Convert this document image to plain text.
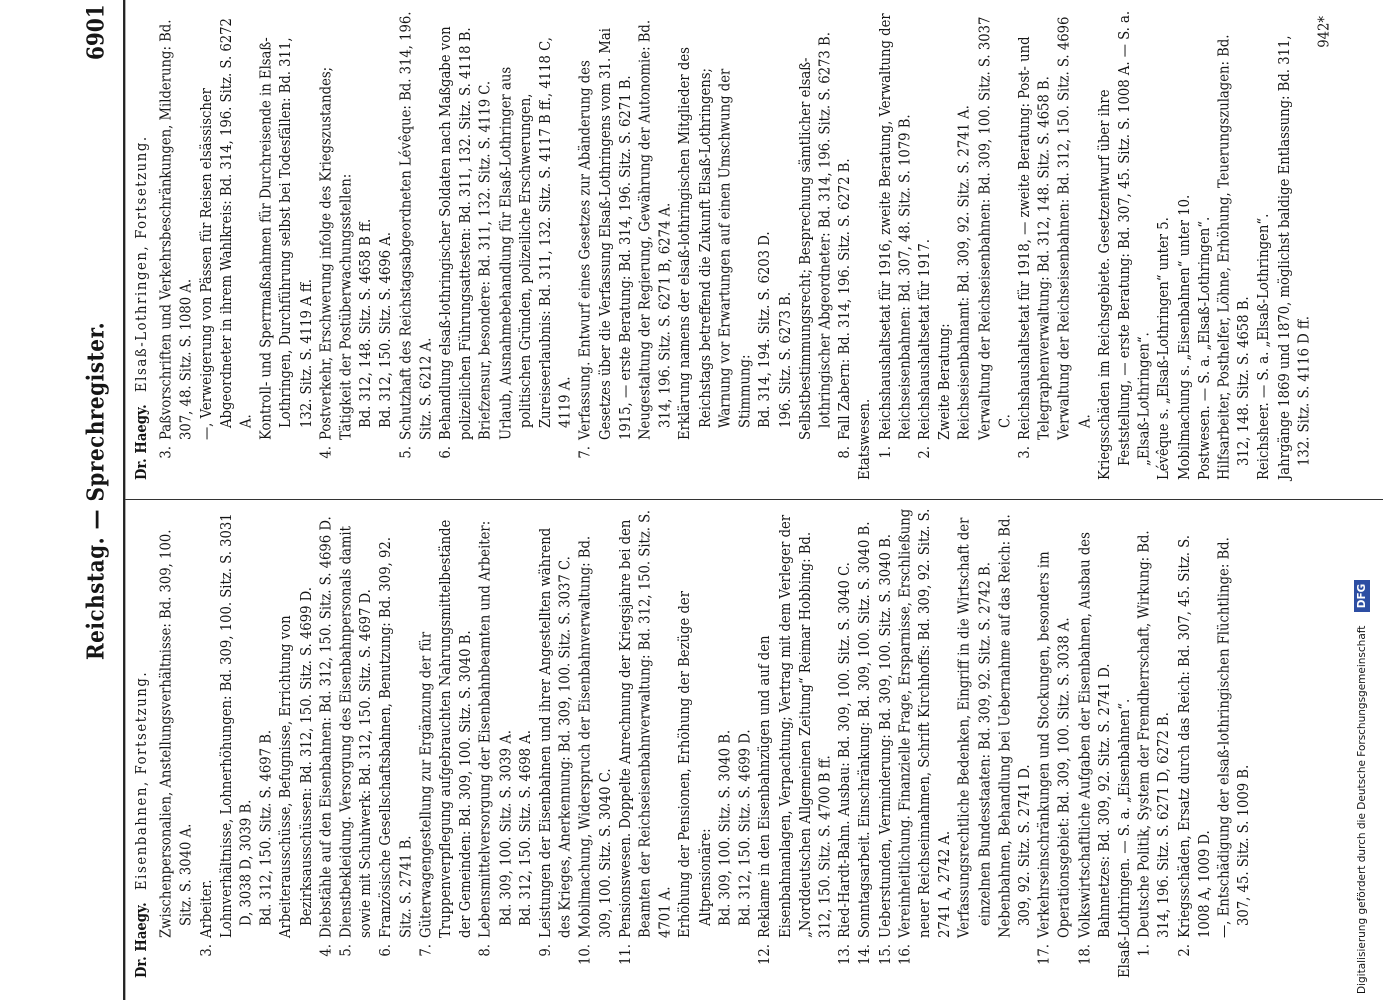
Reichstag. — Sprechregister.
6901
Dr. Haegy. Eisenbahnen, Fortsetzung. Zwischenpersonalien, Anstellungsverhältnisse: Bd. 309, 100. Sitz. S. 3040 A.
3.
Arbeiter. Lohnverhältnisse, Lohnerhöhungen: Bd. 309, 100. Sitz. S. 3031 D, 3038 D, 3039 B. Bd. 312, 150. Sitz. S. 4697 B. Arbeiterausschüsse, Befugnisse, Errichtung von Bezirksausschüssen: Bd. 312, 150. Sitz. S. 4699 D.
4.
Diebstähle auf den Eisenbahnen: Bd. 312, 150. Sitz. S. 4696 D.
5.
Dienstbekleidung. Versorgung des Eisenbahnpersonals damit sowie mit Schuhwerk: Bd. 312, 150. Sitz. S. 4697 D.
6.
Französische Gesellschaftsbahnen, Benutzung: Bd. 309, 92. Sitz. S. 2741 B.
7.
Güterwagengestellung zur Ergänzung der für Truppenverpflegung aufgebrauchten Nahrungsmittelbestände der Gemeinden: Bd. 309, 100. Sitz. S. 3040 B.
8.
Lebensmittelversorgung der Eisenbahnbeamten und Arbeiter: Bd. 309, 100. Sitz. S. 3039 A. Bd. 312, 150. Sitz. S. 4698 A.
9.
Leistungen der Eisenbahnen und ihrer Angestellten während des Krieges, Anerkennung: Bd. 309, 100. Sitz. S. 3037 C.
10.
Mobilmachung, Widerspruch der Eisenbahnverwaltung: Bd. 309, 100. Sitz. S. 3040 C.
11.
Pensionswesen. Doppelte Anrechnung der Kriegsjahre bei den Beamten der Reichseisenbahnverwaltung: Bd. 312, 150. Sitz. S. 4701 A. Erhöhung der Pensionen, Erhöhung der Bezüge der Altpensionäre: Bd. 309, 100. Sitz. S. 3040 B. Bd. 312, 150. Sitz. S. 4699 D.
12.
Reklame in den Eisenbahnzügen und auf den Eisenbahnanlagen, Verpachtung; Vertrag mit dem Verleger der „Norddeutschen Allgemeinen Zeitung“ Reimar Hobbing: Bd. 312, 150. Sitz. S. 4700 B ff.
13.
Ried-Hardt-Bahn. Ausbau: Bd. 309, 100. Sitz. S. 3040 C.
14.
Sonntagsarbeit. Einschränkung: Bd. 309, 100. Sitz. S. 3040 B.
15.
Ueberstunden, Verminderung: Bd. 309, 100. Sitz. S. 3040 B.
16.
Vereinheitlichung. Finanzielle Frage, Ersparnisse, Erschließung neuer Reichseinnahmen, Schrift Kirchhoffs: Bd. 309, 92. Sitz. S. 2741 A, 2742 A. Verfassungsrechtliche Bedenken, Eingriff in die Wirtschaft der einzelnen Bundesstaaten: Bd. 309, 92. Sitz. S. 2742 B. Nebenbahnen, Behandlung bei Uebernahme auf das Reich: Bd. 309, 92. Sitz. S. 2741 D.
17.
Verkehrseinschränkungen und Stockungen, besonders im Operationsgebiet: Bd. 309, 100. Sitz. S. 3038 A.
18.
Volkswirtschaftliche Aufgaben der Eisenbahnen, Ausbau des Bahnnetzes: Bd. 309, 92. Sitz. S. 2741 D. Elsaß-Lothringen. — S. a. „Eisenbahnen“. 1.
Deutsche Politik, System der Fremdherrschaft, Wirkung: Bd. 314, 196. Sitz. S. 6271 D, 6272 B.
2.
Kriegsschäden, Ersatz durch das Reich: Bd. 307, 45. Sitz. S. 1008 A, 1009 D. —, Entschädigung der elsaß-lothringischen Flüchtlinge: Bd. 307, 45. Sitz. S. 1009 B.
Dr. Haegy. Elsaß-Lothringen, Fortsetzung.
3.
Paßvorschriften und Verkehrsbeschränkungen, Milderung: Bd. 307, 48. Sitz. S. 1080 A. —, Verweigerung von Pässen für Reisen elsässischer Abgeordneter in ihrem Wahlkreis: Bd. 314, 196. Sitz. S. 6272 A. Kontroll- und Sperrmaßnahmen für Durchreisende in Elsaß-Lothringen, Durchführung selbst bei Todesfällen: Bd. 311, 132. Sitz. S. 4119 A ff.
4.
Postverkehr, Erschwerung infolge des Kriegszustandes; Tätigkeit der Postüberwachungsstellen: Bd. 312, 148. Sitz. S. 4658 B ff. Bd. 312, 150. Sitz. S. 4696 A.
5.
Schutzhaft des Reichstagsabgeordneten Lévêque: Bd. 314, 196. Sitz. S. 6212 A.
6.
Behandlung elsaß-lothringischer Soldaten nach Maßgabe von polizeilichen Führungsattesten: Bd. 311, 132. Sitz. S. 4118 B. Briefzensur, besondere: Bd. 311, 132. Sitz. S. 4119 C. Urlaub, Ausnahmebehandlung für Elsaß-Lothringer aus politischen Gründen, polizeiliche Erschwerungen, Zureiseerlaubnis: Bd. 311, 132. Sitz. S. 4117 B ff., 4118 C, 4119 A.
7.
Verfassung. Entwurf eines Gesetzes zur Abänderung des Gesetzes über die Verfassung Elsaß-Lothringens vom 31. Mai 1915, — erste Beratung: Bd. 314, 196. Sitz. S. 6271 B. Neugestaltung der Regierung, Gewährung der Autonomie: Bd. 314, 196. Sitz. S. 6271 B, 6274 A. Erklärung namens der elsaß-lothringischen Mitglieder des Reichstags betreffend die Zukunft Elsaß-Lothringens; Warnung vor Erwartungen auf einen Umschwung der Stimmung: Bd. 314, 194. Sitz. S. 6203 D. 196. Sitz. S. 6273 B. Selbstbestimmungsrecht; Besprechung sämtlicher elsaß-lothringischer Abgeordneter: Bd. 314, 196. Sitz. S. 6273 B.
8.
Fall Zabern: Bd. 314, 196. Sitz. S. 6272 B. Etatswesen. 1.
Reichshaushaltsetat für 1916, zweite Beratung, Verwaltung der Reichseisenbahnen: Bd. 307, 48. Sitz. S. 1079 B.
2.
Reichshaushaltsetat für 1917. Zweite Beratung: Reichseisenbahnamt: Bd. 309, 92. Sitz. S. 2741 A. Verwaltung der Reichseisenbahnen: Bd. 309, 100. Sitz. S. 3037 C.
3.
Reichshaushaltsetat für 1918, — zweite Beratung: Post- und Telegraphenverwaltung: Bd. 312, 148. Sitz. S. 4658 B. Verwaltung der Reichseisenbahnen: Bd. 312, 150. Sitz. S. 4696 A. Kriegsschäden im Reichsgebiete. Gesetzentwurf über ihre Feststellung, — erste Beratung: Bd. 307, 45. Sitz. S. 1008 A. — S. a. „Elsaß-Lothringen“. Lévêque s. „Elsaß-Lothringen“ unter 5. Mobilmachung s. „Eisenbahnen“ unter 10. Postwesen. — S. a. „Elsaß-Lothringen“. Hilfsarbeiter, Posthelfer, Löhne, Erhöhung, Teuerungszulagen: Bd. 312, 148. Sitz. S. 4658 B. Reichsheer. — S. a. „Elsaß-Lothringen“. Jahrgänge 1869 und 1870, möglichst baldige Entlassung: Bd. 311, 132. Sitz. S. 4116 D ff.
942*
Digitalisierung gefördert durch die Deutsche Forschungsgemeinschaft DFG
